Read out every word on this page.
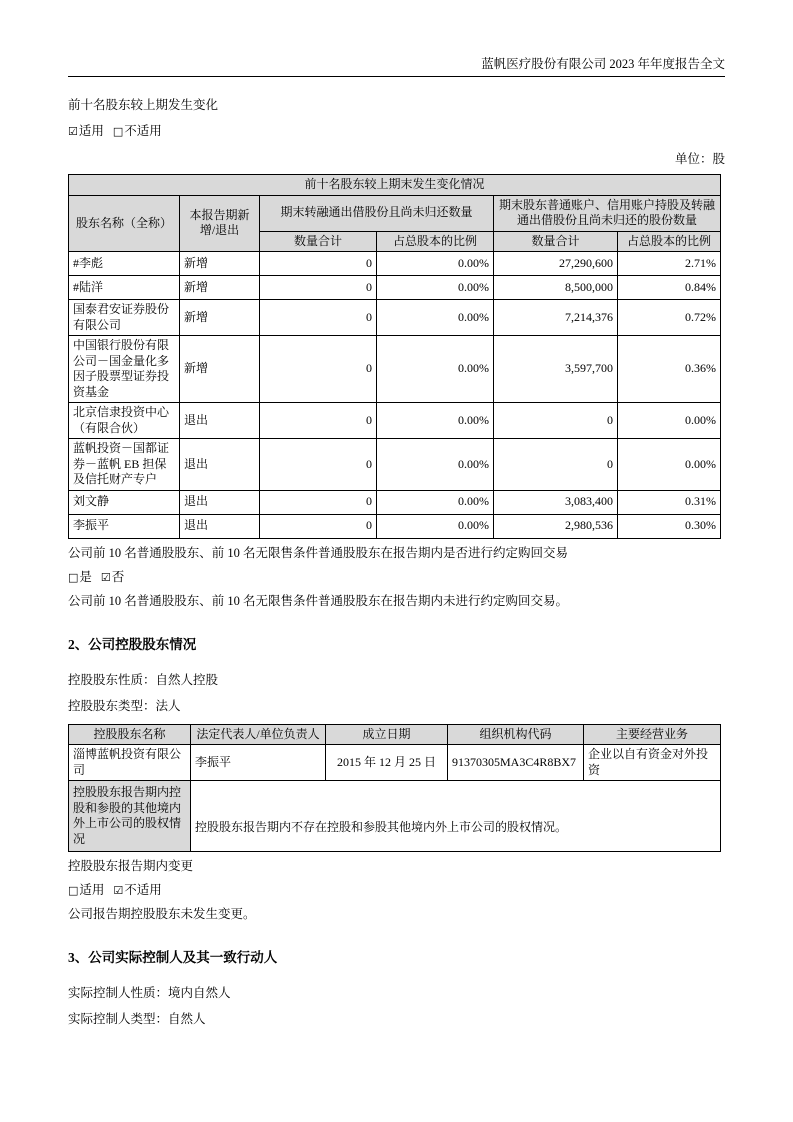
蓝帆医疗股份有限公司 2023 年年度报告全文

前十名股东较上期发生变化

☑适用 □不适用

单位：股
前十名股东较上期末发生变化情况					
股东名称（全称）	本报告期新增/退出	期末转融通出借股份且尚未归还数量		期末股东普通账户、信用账户持股及转融通出借股份且尚未归还的股份数量	
		数量合计	占总股本的比例	数量合计	占总股本的比例
#李彪	新增	0	0.00%	27,290,600	2.71%
#陆洋	新增	0	0.00%	8,500,000	0.84%
国泰君安证券股份有限公司	新增	0	0.00%	7,214,376	0.72%
中国银行股份有限公司－国金量化多因子股票型证券投资基金	新增	0	0.00%	3,597,700	0.36%
北京信隶投资中心（有限合伙）	退出	0	0.00%	0	0.00%
蓝帆投资－国都证券－蓝帆 EB 担保及信托财产专户	退出	0	0.00%	0	0.00%
刘文静	退出	0	0.00%	3,083,400	0.31%
李振平	退出	0	0.00%	2,980,536	0.30%

公司前 10 名普通股股东、前 10 名无限售条件普通股股东在报告期内是否进行约定购回交易

□是 ☑否

公司前 10 名普通股股东、前 10 名无限售条件普通股股东在报告期内未进行约定购回交易。

2、公司控股股东情况

控股股东性质：自然人控股

控股股东类型：法人

控股股东名称	法定代表人/单位负责人	成立日期	组织机构代码	主要经营业务
淄博蓝帆投资有限公司	李振平	2015 年 12 月 25 日	91370305MA3C4R8BX7	企业以自有资金对外投资
控股股东报告期内控股和参股的其他境内外上市公司的股权情况	控股股东报告期内不存在控股和参股其他境内外上市公司的股权情况。			

控股股东报告期内变更

□适用 ☑不适用

公司报告期控股股东未发生变更。

3、公司实际控制人及其一致行动人

实际控制人性质：境内自然人

实际控制人类型：自然人
